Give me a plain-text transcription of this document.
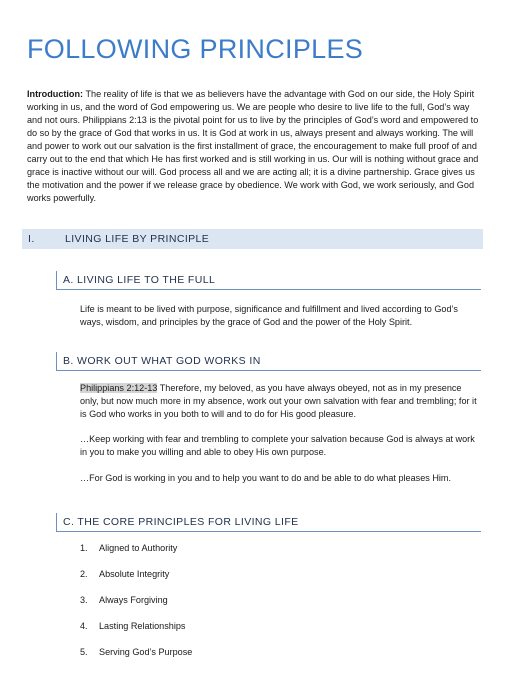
FOLLOWING PRINCIPLES
Introduction: The reality of life is that we as believers have the advantage with God on our side, the Holy Spirit working in us, and the word of God empowering us. We are people who desire to live life to the full, God’s way and not ours. Philippians 2:13 is the pivotal point for us to live by the principles of God’s word and empowered to do so by the grace of God that works in us. It is God at work in us, always present and always working. The will and power to work out our salvation is the first installment of grace, the encouragement to make full proof of and carry out to the end that which He has first worked and is still working in us. Our will is nothing without grace and grace is inactive without our will. God process all and we are acting all; it is a divine partnership. Grace gives us the motivation and the power if we release grace by obedience. We work with God, we work seriously, and God works powerfully.
I.	LIVING LIFE BY PRINCIPLE
A. LIVING LIFE TO THE FULL
Life is meant to be lived with purpose, significance and fulfillment and lived according to God’s ways, wisdom, and principles by the grace of God and the power of the Holy Spirit.
B. WORK OUT WHAT GOD WORKS IN
Philippians 2:12-13 Therefore, my beloved, as you have always obeyed, not as in my presence only, but now much more in my absence, work out your own salvation with fear and trembling; for it is God who works in you both to will and to do for His good pleasure.
…Keep working with fear and trembling to complete your salvation because God is always at work in you to make you willing and able to obey His own purpose.
…For God is working in you and to help you want to do and be able to do what pleases Him.
C. THE CORE PRINCIPLES FOR LIVING LIFE
1.	Aligned to Authority
2.	Absolute Integrity
3.	Always Forgiving
4.	Lasting Relationships
5.	Serving God’s Purpose
